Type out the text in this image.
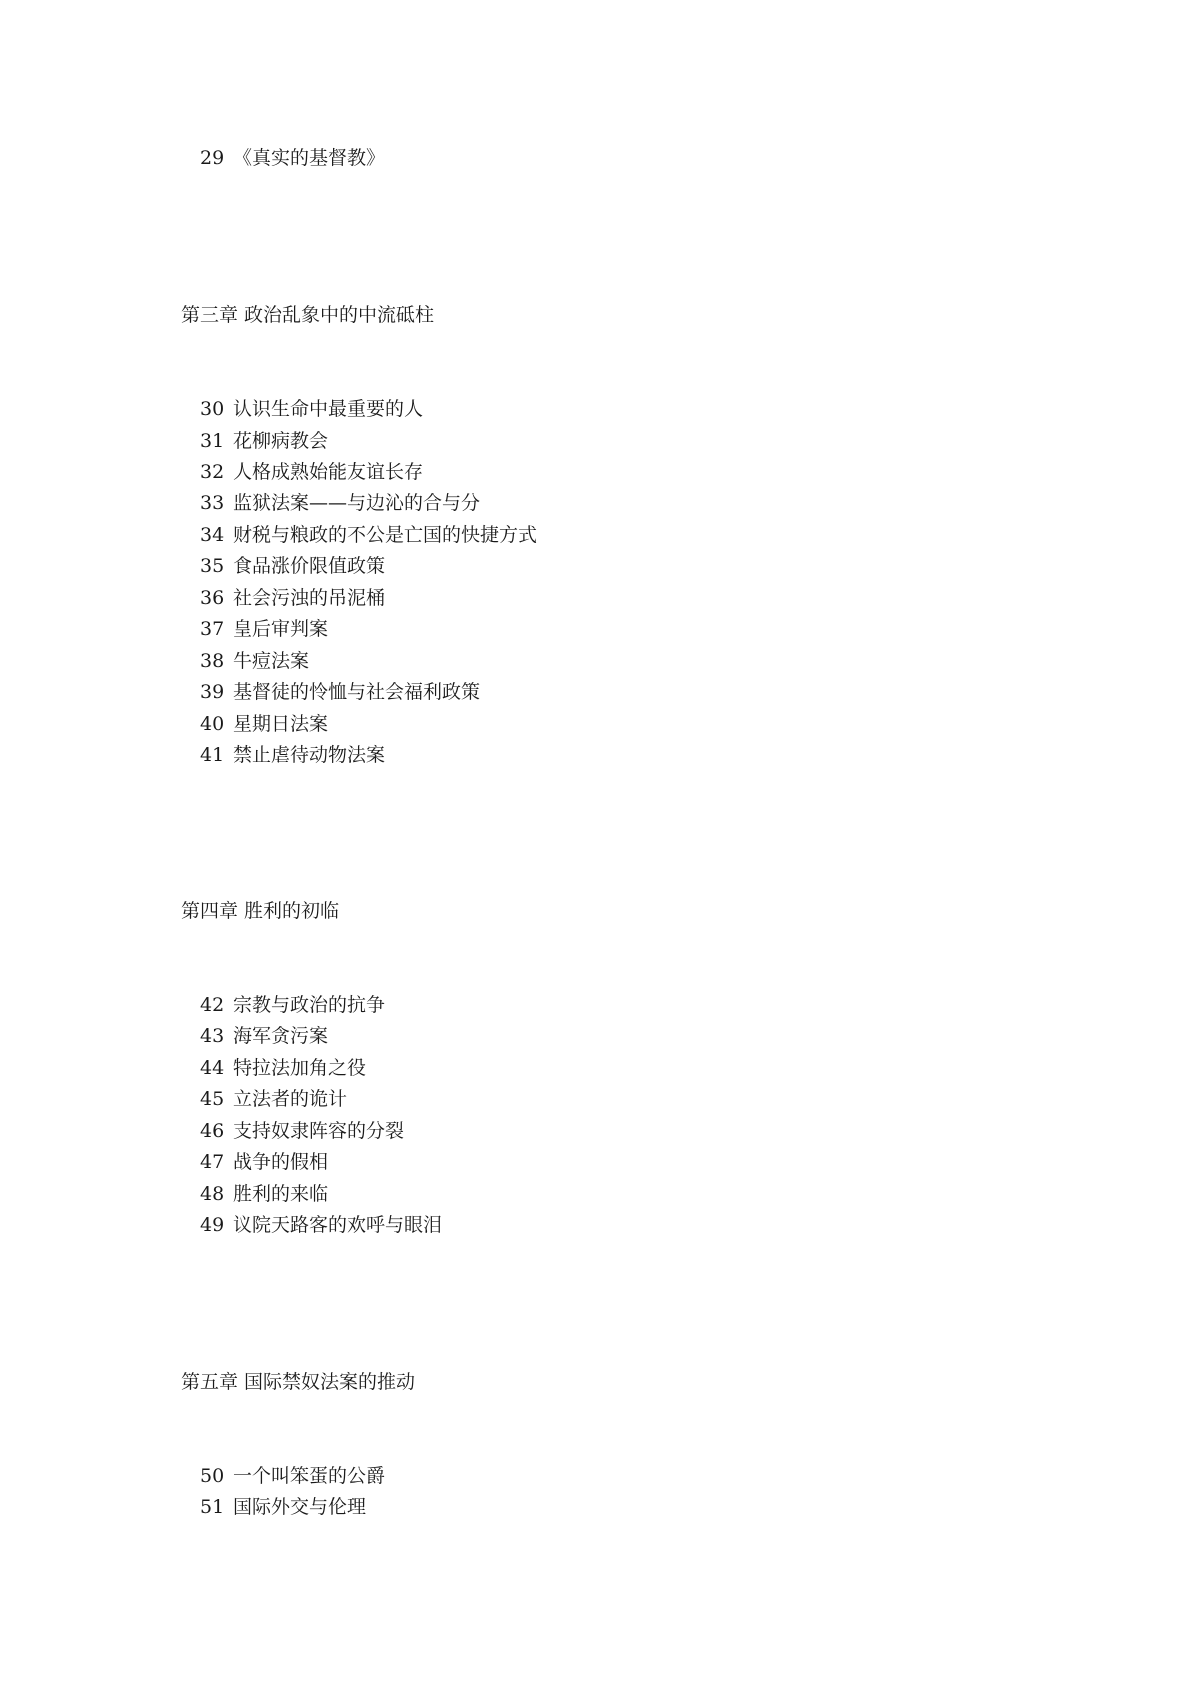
29 《真实的基督教》
第三章 政治乱象中的中流砥柱
30 认识生命中最重要的人
31 花柳病教会
32 人格成熟始能友谊长存
33 监狱法案——与边沁的合与分
34 财税与粮政的不公是亡国的快捷方式
35 食品涨价限值政策
36 社会污浊的吊泥桶
37 皇后审判案
38 牛痘法案
39 基督徒的怜恤与社会福利政策
40 星期日法案
41 禁止虐待动物法案
第四章 胜利的初临
42 宗教与政治的抗争
43 海军贪污案
44 特拉法加角之役
45 立法者的诡计
46 支持奴隶阵容的分裂
47 战争的假相
48 胜利的来临
49 议院天路客的欢呼与眼泪
第五章 国际禁奴法案的推动
50 一个叫笨蛋的公爵
51 国际外交与伦理
